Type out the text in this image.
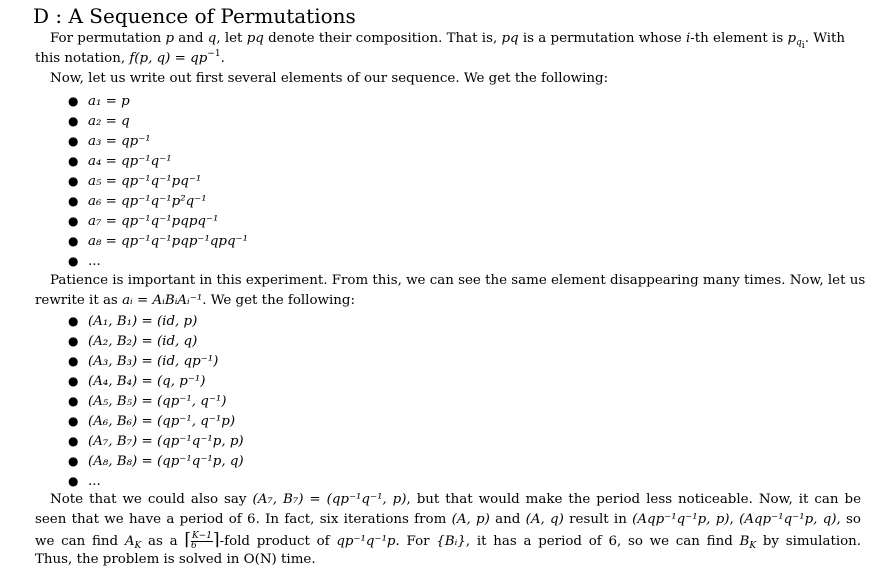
D : A Sequence of Permutations
For permutation p and q, let pq denote their composition. That is, pq is a permutation whose i-th element is $p_{q_i}$. With
this notation, f(p, $q) = qp^{-1}$.
Now, let us write out first several elements of our sequence. We get the following:
● a₁ = p
● a₂ = q
● a₃ = qp⁻¹
● a₄ = qp⁻¹q⁻¹
● a₅ = qp⁻¹q⁻¹pq⁻¹
● a₆ = qp⁻¹q⁻¹p²q⁻¹
● a₇ = qp⁻¹q⁻¹pqpq⁻¹
● a₈ = qp⁻¹q⁻¹pqp⁻¹qpq⁻¹
● ...
Patience is important in this experiment. From this, we can see the same element disappearing many times. Now, let us
rewrite it as aᵢ = AᵢBᵢAᵢ⁻¹. We get the following:
● (A₁, B₁) = (id, p)
● (A₂, B₂) = (id, q)
● (A₃, B₃) = (id, qp⁻¹)
● (A₄, B₄) = (q, p⁻¹)
● (A₅, B₅) = (qp⁻¹, q⁻¹)
● (A₆, B₆) = (qp⁻¹, q⁻¹p)
● (A₇, B₇) = (qp⁻¹q⁻¹p, p)
● (A₈, B₈) = (qp⁻¹q⁻¹p, q)
● ...
Note that we could also say (A₇, B₇) = (qp⁻¹q⁻¹, p), but that would make the period less noticeable. Now, it can be
seen that we have a period of 6. In fact, six iterations from (A, p) and (A, q) result in (Aqp⁻¹q⁻¹p, p), (Aqp⁻¹q⁻¹p, q), so
we can find $A_K$ as a ⌈ $\frac{K-1}{6}$ ⌉-fold product of qp⁻¹q⁻¹p. For {Bᵢ}, it has a period of 6, so we can find $B_K$ by simulation.
Thus, the problem is solved in O(N) time.
